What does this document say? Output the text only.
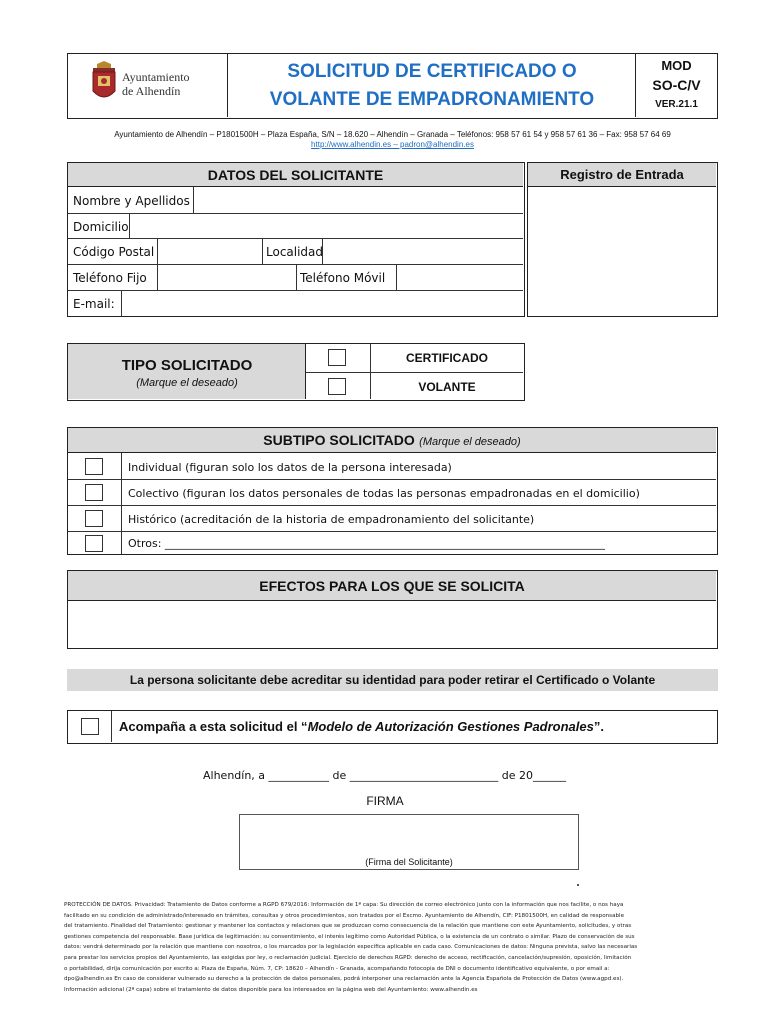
Ayuntamiento
de Alhendín
SOLICITUD DE CERTIFICADO O
VOLANTE DE EMPADRONAMIENTO
MOD
SO-C/V
VER.21.1
Ayuntamiento de Alhendín – P1801500H – Plaza España, S/N – 18.620 – Alhendín – Granada – Teléfonos: 958 57 61 54 y 958 57 61 36 – Fax: 958 57 64 69
http://www.alhendin.es – padron@alhendin.es
DATOS DEL SOLICITANTE
Nombre y Apellidos
Domicilio
Código Postal	Localidad
Teléfono Fijo	Teléfono Móvil
E-mail:
Registro de Entrada
TIPO SOLICITADO
(Marque el deseado)
CERTIFICADO
VOLANTE
SUBTIPO SOLICITADO (Marque el deseado)
Individual (figuran solo los datos de la persona interesada)
Colectivo (figuran los datos personales de todas las personas empadronadas en el domicilio)
Histórico (acreditación de la historia de empadronamiento del solicitante)
Otros: ________________________________________________________________________________
EFECTOS PARA LOS QUE SE SOLICITA
La persona solicitante debe acreditar su identidad para poder retirar el Certificado o Volante
Acompaña a esta solicitud el “Modelo de Autorización Gestiones Padronales”.
Alhendín, a ___________ de ___________________________ de 20______
FIRMA
(Firma del Solicitante)
PROTECCIÓN DE DATOS. Privacidad: Tratamiento de Datos conforme a RGPD 679/2016: Información de 1ª capa: Su dirección de correo electrónico junto con la información que nos facilite, o nos haya
facilitado en su condición de administrado/interesado en trámites, consultas y otros procedimientos, son tratados por el Excmo. Ayuntamiento de Alhendín, CIF: P1801500H, en calidad de responsable
del tratamiento. Finalidad del Tratamiento: gestionar y mantener los contactos y relaciones que se produzcan como consecuencia de la relación que mantiene con este Ayuntamiento, solicitudes, y otras
gestiones competencia del responsable. Base jurídica de legitimación: su consentimiento, el interés legítimo como Autoridad Pública, o la existencia de un contrato o similar. Plazo de conservación de sus
datos: vendrá determinado por la relación que mantiene con nosotros, o los marcados por la legislación específica aplicable en cada caso. Comunicaciones de datos: Ninguna prevista, salvo las necesarias
para prestar los servicios propios del Ayuntamiento, las exigidas por ley, o reclamación judicial. Ejercicio de derechos RGPD: derecho de acceso, rectificación, cancelación/supresión, oposición, limitación
o portabilidad, dirija comunicación por escrito a: Plaza de España, Núm. 7, CP: 18620 – Alhendín - Granada, acompañando fotocopia de DNI o documento identificativo equivalente, o por email a:
dpo@alhendin.es En caso de considerar vulnerado su derecho a la protección de datos personales, podrá interponer una reclamación ante la Agencia Española de Protección de Datos (www.agpd.es).
Información adicional (2ª capa) sobre el tratamiento de datos disponible para los interesados en la página web del Ayuntamiento: www.alhendin.es
